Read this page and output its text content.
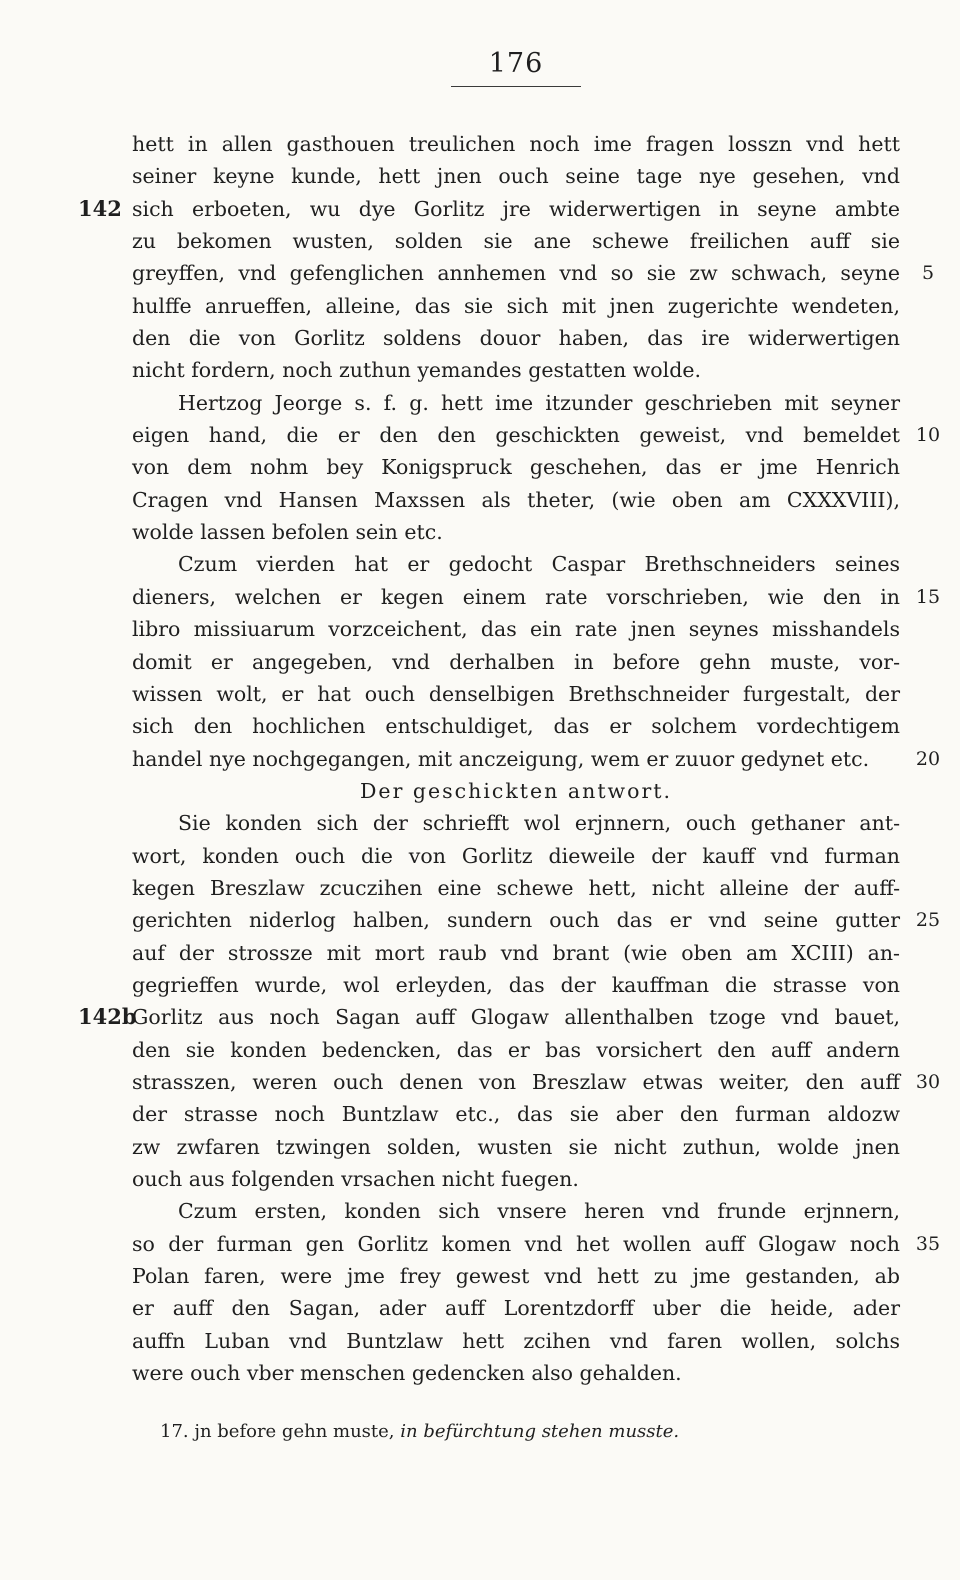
176
hett in allen gasthouen treulichen noch ime fragen losszn vnd hett
seiner keyne kunde, hett jnen ouch seine tage nye gesehen, vnd
142 sich erboeten, wu dye Gorlitz jre widerwertigen in seyne ambte
zu bekomen wusten, solden sie ane schewe freilichen auff sie
greyffen, vnd gefenglichen annhemen vnd so sie zw schwach, seyne	5
hulffe anrueffen, alleine, das sie sich mit jnen zugerichte wendeten,
den die von Gorlitz soldens douor haben, das ire widerwertigen
nicht fordern, noch zuthun yemandes gestatten wolde.
Hertzog Jeorge s. f. g. hett ime itzunder geschrieben mit seyner
eigen hand, die er den den geschickten geweist, vnd bemeldet 10
von dem nohm bey Konigspruck geschehen, das er jme Henrich
Cragen vnd Hansen Maxssen als theter, (wie oben am CXXXVIII),
wolde lassen befolen sein etc.
Czum vierden hat er gedocht Caspar Brethschneiders seines
dieners, welchen er kegen einem rate vorschrieben, wie den in 15
libro missiuarum vorzceichent, das ein rate jnen seynes misshandels
domit er angegeben, vnd derhalben in before gehn muste, vor-
wissen wolt, er hat ouch denselbigen Brethschneider furgestalt, der
sich den hochlichen entschuldiget, das er solchem vordechtigem
handel nye nochgegangen, mit anczeigung, wem er zuuor gedynet etc.	20
Der geschickten antwort.
Sie konden sich der schriefft wol erjnnern, ouch gethaner ant-
wort, konden ouch die von Gorlitz dieweile der kauff vnd furman
kegen Breszlaw zcuczihen eine schewe hett, nicht alleine der auff-
gerichten niderlog halben, sundern ouch das er vnd seine gutter 25
auf der strossze mit mort raub vnd brant (wie oben am XCIII) an-
gegrieffen wurde, wol erleyden, das der kauffman die strasse von
142b
Gorlitz aus noch Sagan auff Glogaw allenthalben tzoge vnd bauet,
den sie konden bedencken, das er bas vorsichert den auff andern
strasszen, weren ouch denen von Breszlaw etwas weiter, den auff 30
der strasse noch Buntzlaw etc., das sie aber den furman aldozw
zw zwfaren tzwingen solden, wusten sie nicht zuthun, wolde jnen
ouch aus folgenden vrsachen nicht fuegen.
Czum ersten, konden sich vnsere heren vnd frunde erjnnern,
so der furman gen Gorlitz komen vnd het wollen auff Glogaw noch 35
Polan faren, were jme frey gewest vnd hett zu jme gestanden, ab
er auff den Sagan, ader auff Lorentzdorff uber die heide, ader
auffn Luban vnd Buntzlaw hett zcihen vnd faren wollen, solchs
were ouch vber menschen gedencken also gehalden.
17. jn before gehn muste, in befürchtung stehen musste.
